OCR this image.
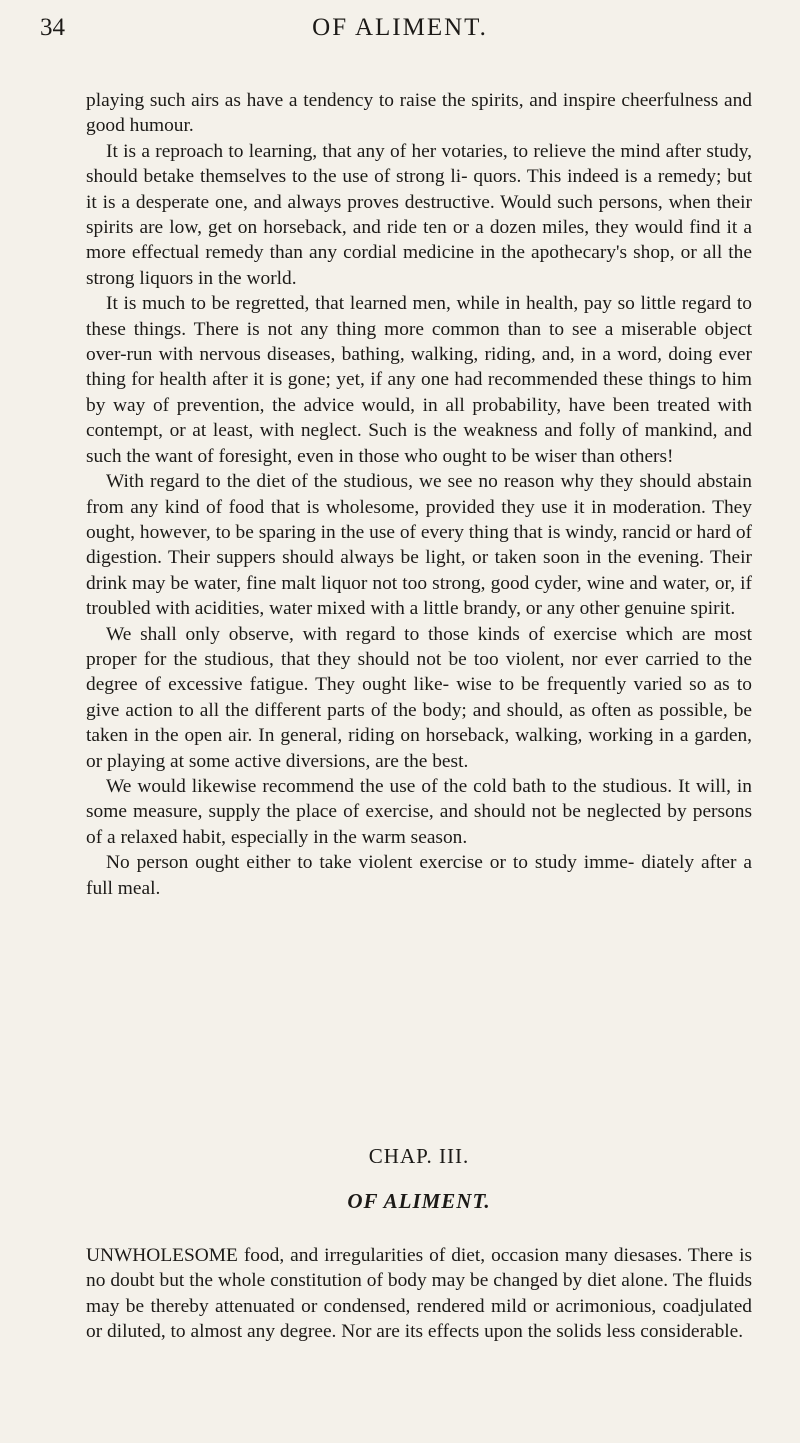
34	OF ALIMENT.

playing such airs as have a tendency to raise the spirits, and inspire cheerfulness and good humour.

It is a reproach to learning, that any of her votaries, to relieve the mind after study, should betake themselves to the use of strong li- quors. This indeed is a remedy; but it is a desperate one, and always proves destructive. Would such persons, when their spirits are low, get on horseback, and ride ten or a dozen miles, they would find it a more effectual remedy than any cordial medicine in the apothecary's shop, or all the strong liquors in the world.

It is much to be regretted, that learned men, while in health, pay so little regard to these things. There is not any thing more common than to see a miserable object over-run with nervous diseases, bathing, walking, riding, and, in a word, doing ever thing for health after it is gone; yet, if any one had recommended these things to him by way of prevention, the advice would, in all probability, have been treated with contempt, or at least, with neglect. Such is the weakness and folly of mankind, and such the want of foresight, even in those who ought to be wiser than others!

With regard to the diet of the studious, we see no reason why they should abstain from any kind of food that is wholesome, provided they use it in moderation. They ought, however, to be sparing in the use of every thing that is windy, rancid or hard of digestion. Their suppers should always be light, or taken soon in the evening. Their drink may be water, fine malt liquor not too strong, good cyder, wine and water, or, if troubled with acidities, water mixed with a little brandy, or any other genuine spirit.

We shall only observe, with regard to those kinds of exercise which are most proper for the studious, that they should not be too violent, nor ever carried to the degree of excessive fatigue. They ought like- wise to be frequently varied so as to give action to all the different parts of the body; and should, as often as possible, be taken in the open air. In general, riding on horseback, walking, working in a garden, or playing at some active diversions, are the best.

We would likewise recommend the use of the cold bath to the studious. It will, in some measure, supply the place of exercise, and should not be neglected by persons of a relaxed habit, especially in the warm season.

No person ought either to take violent exercise or to study imme- diately after a full meal.

CHAP. III.
OF ALIMENT.

UNWHOLESOME food, and irregularities of diet, occasion many diesases. There is no doubt but the whole constitution of body may be changed by diet alone. The fluids may be thereby attenuated or condensed, rendered mild or acrimonious, coadjulated or diluted, to almost any degree. Nor are its effects upon the solids less considerable.
